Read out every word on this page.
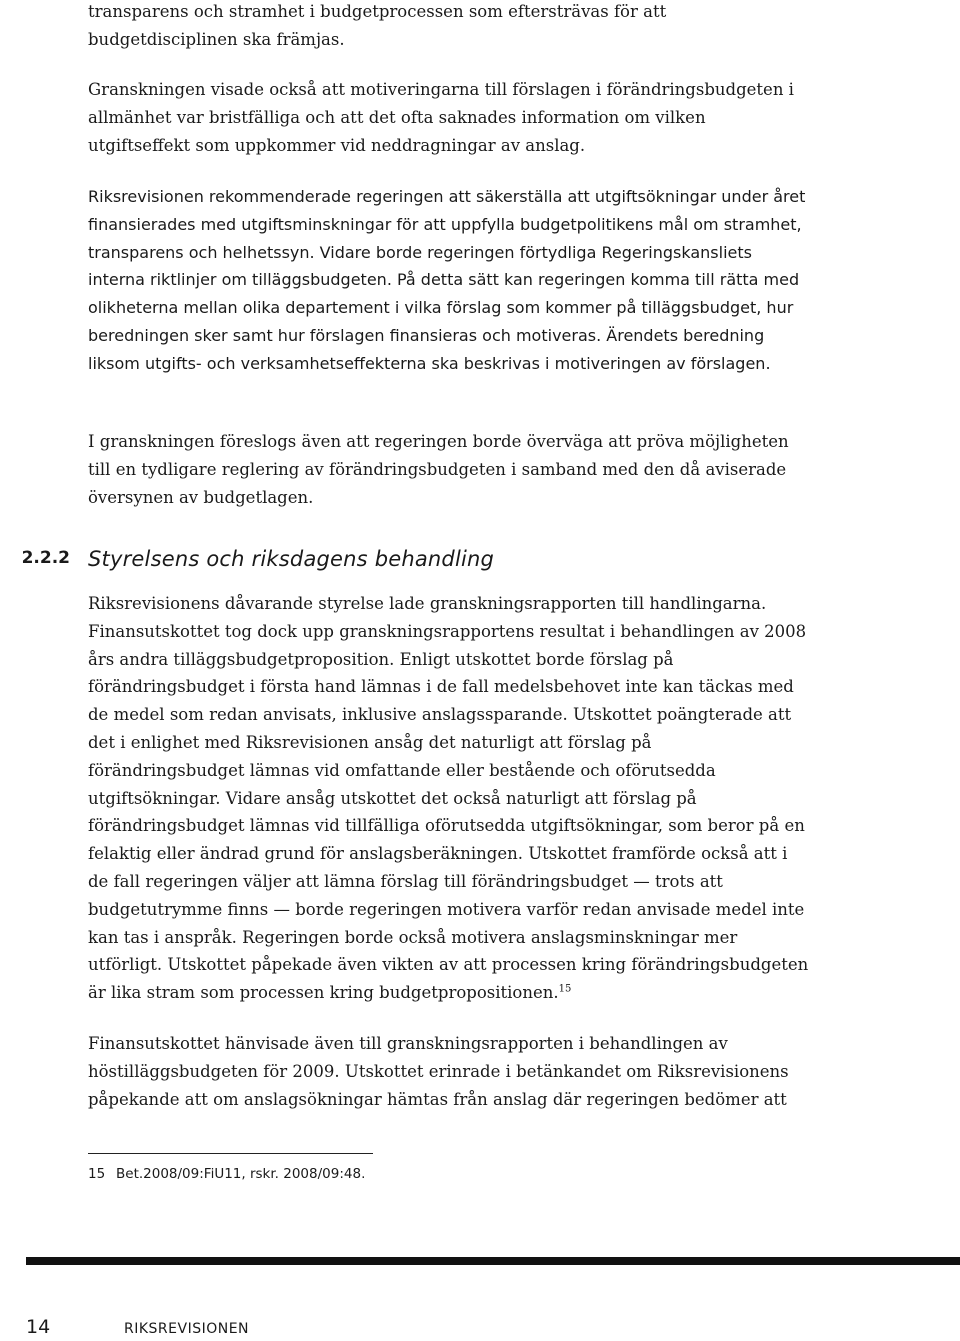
transparens och stramhet i budgetprocessen som eftersträvas för att budgetdisciplinen ska främjas.

Granskningen visade också att motiveringarna till förslagen i förändringsbudgeten i allmänhet var bristfälliga och att det ofta saknades information om vilken utgiftseffekt som uppkommer vid neddragningar av anslag.

Riksrevisionen rekommenderade regeringen att säkerställa att utgiftsökningar under året finansierades med utgiftsminskningar för att uppfylla budgetpolitikens mål om stramhet, transparens och helhetssyn. Vidare borde regeringen förtydliga Regeringskansliets interna riktlinjer om tilläggsbudgeten. På detta sätt kan regeringen komma till rätta med olikheterna mellan olika departement i vilka förslag som kommer på tilläggsbudget, hur beredningen sker samt hur förslagen finansieras och motiveras. Ärendets beredning liksom utgifts- och verksamhetseffekterna ska beskrivas i motiveringen av förslagen.

I granskningen föreslogs även att regeringen borde överväga att pröva möjligheten till en tydligare reglering av förändringsbudgeten i samband med den då aviserade översynen av budgetlagen.

2.2.2 Styrelsens och riksdagens behandling

Riksrevisionens dåvarande styrelse lade granskningsrapporten till handlingarna. Finansutskottet tog dock upp granskningsrapportens resultat i behandlingen av 2008 års andra tilläggsbudgetproposition. Enligt utskottet borde förslag på förändringsbudget i första hand lämnas i de fall medelsbehovet inte kan täckas med de medel som redan anvisats, inklusive anslagssparande. Utskottet poängterade att det i enlighet med Riksrevisionen ansåg det naturligt att förslag på förändringsbudget lämnas vid omfattande eller bestående och oförutsedda utgiftsökningar. Vidare ansåg utskottet det också naturligt att förslag på förändringsbudget lämnas vid tillfälliga oförutsedda utgiftsökningar, som beror på en felaktig eller ändrad grund för anslagsberäkningen. Utskottet framförde också att i de fall regeringen väljer att lämna förslag till förändringsbudget — trots att budgetutrymme finns — borde regeringen motivera varför redan anvisade medel inte kan tas i anspråk. Regeringen borde också motivera anslagsminskningar mer utförligt. Utskottet påpekade även vikten av att processen kring förändringsbudgeten är lika stram som processen kring budgetpropositionen.$^{15}$

Finansutskottet hänvisade även till granskningsrapporten i behandlingen av höstilläggsbudgeten för 2009. Utskottet erinrade i betänkandet om Riksrevisionens påpekande att om anslagsökningar hämtas från anslag där regeringen bedömer att

15 Bet.2008/09:FiU11, rskr. 2008/09:48.
14	RIKSREVISIONEN
